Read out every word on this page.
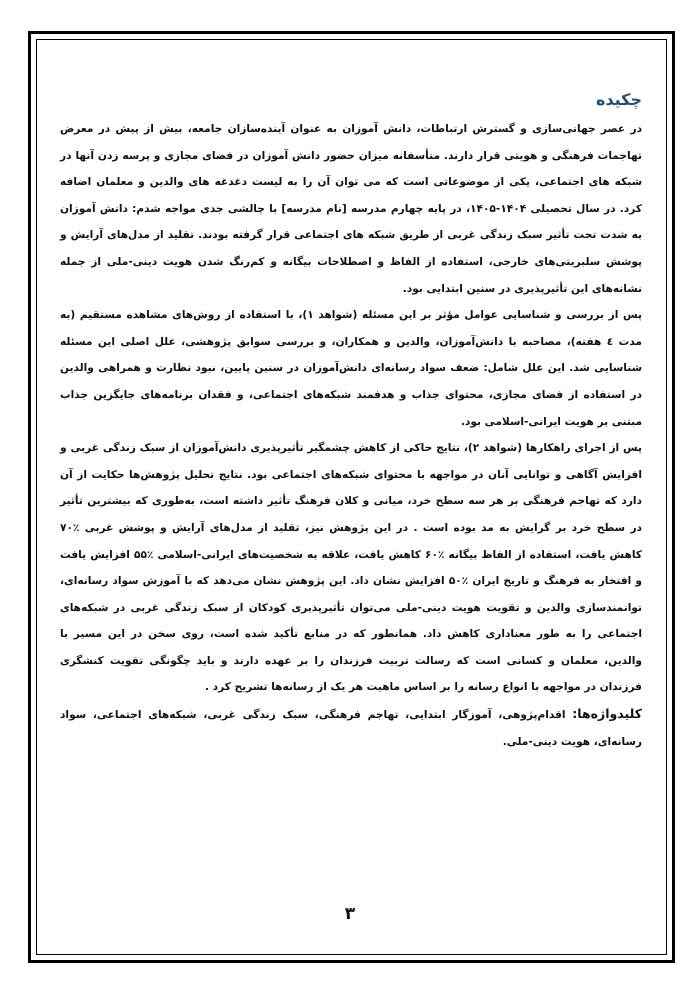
چکیده

در عصر جهانی‌سازی و گسترش ارتباطات، دانش آموزان به عنوان آینده‌سازان جامعه، بیش از پیش در معرض تهاجمات فرهنگی و هویتی قرار دارند. متأسفانه میزان حضور دانش آموزان در فضای مجازی و پرسه زدن آنها در شبکه های اجتماعی، یکی از موضوعاتی است که می توان آن را به لیست دغدغه های والدین و معلمان اضافه کرد. در سال تحصیلی ۱۴۰۴-۱۴۰۵، در پایه چهارم مدرسه [نام مدرسه] با چالشی جدی مواجه شدم: دانش آموزان به شدت تحت تأثیر سبک زندگی غربی از طریق شبکه های اجتماعی قرار گرفته بودند. تقلید از مدل‌های آرایش و پوشش سلبریتی‌های خارجی، استفاده از الفاظ و اصطلاحات بیگانه و کم‌رنگ شدن هویت دینی-ملی از جمله نشانه‌های این تأثیرپذیری در سنین ابتدایی بود.

پس از بررسی و شناسایی عوامل مؤثر بر این مسئله (شواهد ۱)، با استفاده از روش‌های مشاهده مستقیم (به مدت ٤ هفته)، مصاحبه با دانش‌آموزان، والدین و همکاران، و بررسی سوابق پژوهشی، علل اصلی این مسئله شناسایی شد. این علل شامل: ضعف سواد رسانه‌ای دانش‌آموزان در سنین پایین، نبود نظارت و همراهی والدین در استفاده از فضای مجازی، محتوای جذاب و هدفمند شبکه‌های اجتماعی، و فقدان برنامه‌های جایگزین جذاب مبتنی بر هویت ایرانی-اسلامی بود.

پس از اجرای راهکارها (شواهد ۲)، نتایج حاکی از کاهش چشمگیر تأثیرپذیری دانش‌آموزان از سبک زندگی غربی و افزایش آگاهی و توانایی آنان در مواجهه با محتوای شبکه‌های اجتماعی بود. نتایج تحلیل پژوهش‌ها حکایت از آن دارد که تهاجم فرهنگی بر هر سه سطح خرد، میانی و کلان فرهنگ تأثیر داشته است، به‌طوری که بیشترین تأثیر در سطح خرد بر گرایش به مد بوده است . در این پژوهش نیز، تقلید از مدل‌های آرایش و پوشش غربی ٪۷۰ کاهش یافت، استفاده از الفاظ بیگانه ٪۶۰ کاهش یافت، علاقه به شخصیت‌های ایرانی-اسلامی ٪۵۵ افزایش یافت و افتخار به فرهنگ و تاریخ ایران ٪۵۰ افزایش نشان داد. این پژوهش نشان می‌دهد که با آموزش سواد رسانه‌ای، توانمندسازی والدین و تقویت هویت دینی-ملی می‌توان تأثیرپذیری کودکان از سبک زندگی غربی در شبکه‌های اجتماعی را به طور معناداری کاهش داد. همانطور که در منابع تأکید شده است، روی سخن در این مسیر با والدین، معلمان و کسانی است که رسالت تربیت فرزندان را بر عهده دارند و باید چگونگی تقویت کنشگری فرزندان در مواجهه با انواع رسانه را بر اساس ماهیت هر یک از رسانه‌ها تشریح کرد .

کلیدواژه‌ها: اقدام‌پژوهی، آموزگار ابتدایی، تهاجم فرهنگی، سبک زندگی غربی، شبکه‌های اجتماعی، سواد رسانه‌ای، هویت دینی-ملی.

۳
